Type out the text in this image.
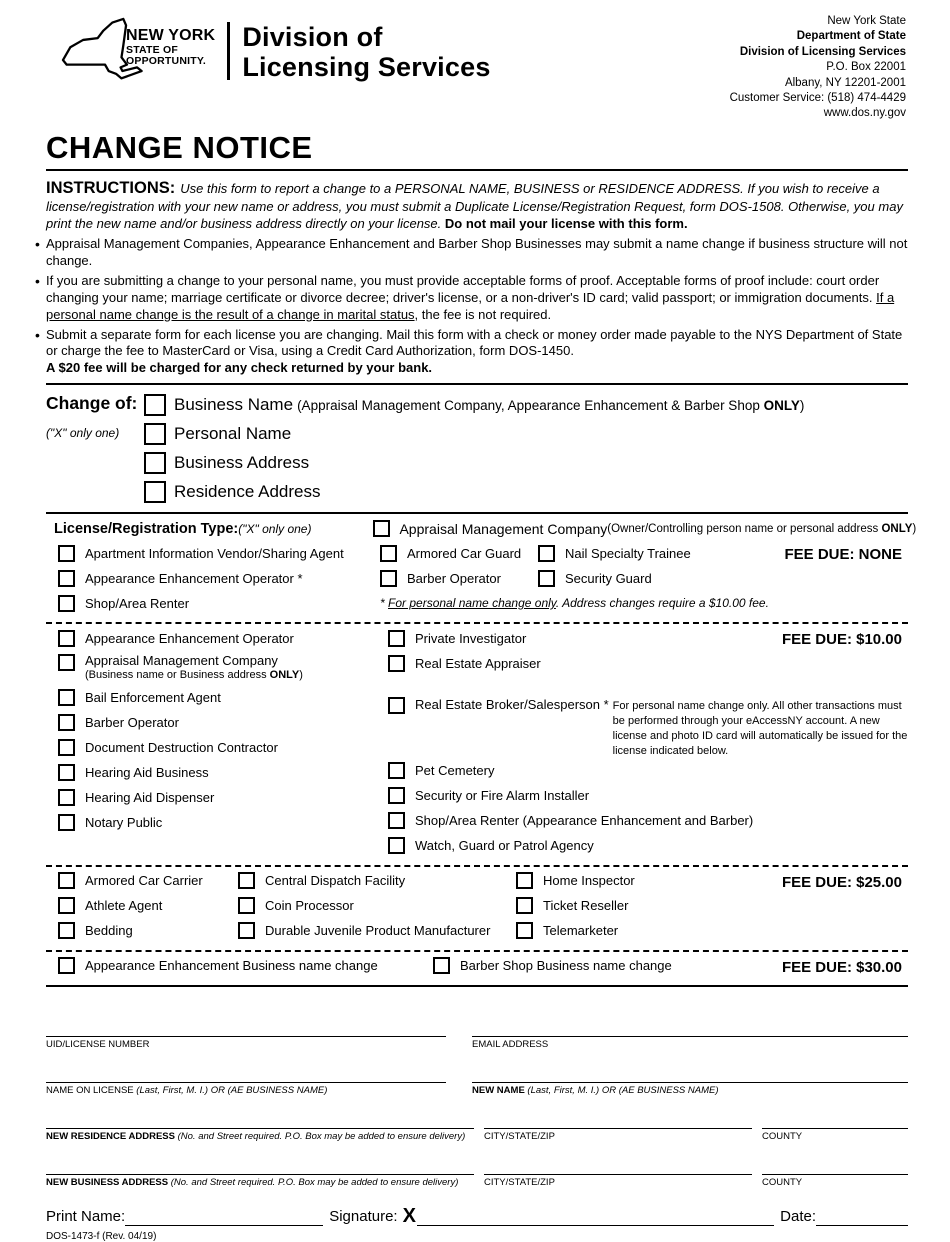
NEW YORK
STATE OF
OPPORTUNITY.
Division of
Licensing Services
New York State
Department of State
Division of Licensing Services
P.O. Box 22001
Albany, NY 12201-2001
Customer Service: (518) 474-4429
www.dos.ny.gov
CHANGE NOTICE
INSTRUCTIONS: Use this form to report a change to a PERSONAL NAME, BUSINESS or RESIDENCE ADDRESS. If you wish to receive a license/registration with your new name or address, you must submit a Duplicate License/Registration Request, form DOS-1508. Otherwise, you may print the new name and/or business address directly on your license. Do not mail your license with this form.
• Appraisal Management Companies, Appearance Enhancement and Barber Shop Businesses may submit a name change if business structure will not change.
• If you are submitting a change to your personal name, you must provide acceptable forms of proof. Acceptable forms of proof include: court order changing your name; marriage certificate or divorce decree; driver's license, or a non-driver's ID card; valid passport; or immigration documents. If a personal name change is the result of a change in marital status, the fee is not required.
• Submit a separate form for each license you are changing. Mail this form with a check or money order made payable to the NYS Department of State or charge the fee to MasterCard or Visa, using a Credit Card Authorization, form DOS-1450.
A $20 fee will be charged for any check returned by your bank.
Change of:
("X" only one)
Business Name (Appraisal Management Company, Appearance Enhancement & Barber Shop ONLY)
Personal Name
Business Address
Residence Address
License/Registration Type: ("X" only one)	Appraisal Management Company (Owner/Controlling person name or personal address ONLY)
FEE DUE: NONE
Apartment Information Vendor/Sharing Agent	Armored Car Guard	Nail Specialty Trainee
Appearance Enhancement Operator *	Barber Operator	Security Guard
Shop/Area Renter	* For personal name change only. Address changes require a $10.00 fee.
FEE DUE: $10.00
Appearance Enhancement Operator
Appraisal Management Company
(Business name or Business address ONLY)
Bail Enforcement Agent
Barber Operator
Document Destruction Contractor
Hearing Aid Business
Hearing Aid Dispenser
Notary Public
Private Investigator
Real Estate Appraiser
Real Estate Broker/Salesperson * For personal name change only. All other transactions must be performed through your eAccessNY account. A new license and photo ID card will automatically be issued for the license indicated below.
Pet Cemetery
Security or Fire Alarm Installer
Shop/Area Renter (Appearance Enhancement and Barber)
Watch, Guard or Patrol Agency
FEE DUE: $25.00
Armored Car Carrier	Central Dispatch Facility	Home Inspector
Athlete Agent	Coin Processor	Ticket Reseller
Bedding	Durable Juvenile Product Manufacturer	Telemarketer
FEE DUE: $30.00
Appearance Enhancement Business name change	Barber Shop Business name change
UID/LICENSE NUMBER	EMAIL ADDRESS
NAME ON LICENSE (Last, First, M. I.) OR (AE BUSINESS NAME)	NEW NAME (Last, First, M. I.) OR (AE BUSINESS NAME)
NEW RESIDENCE ADDRESS (No. and Street required. P.O. Box may be added to ensure delivery)	CITY/STATE/ZIP	COUNTY
NEW BUSINESS ADDRESS (No. and Street required. P.O. Box may be added to ensure delivery)	CITY/STATE/ZIP	COUNTY
Print Name:	Signature: X	Date:
DOS-1473-f (Rev. 04/19)
